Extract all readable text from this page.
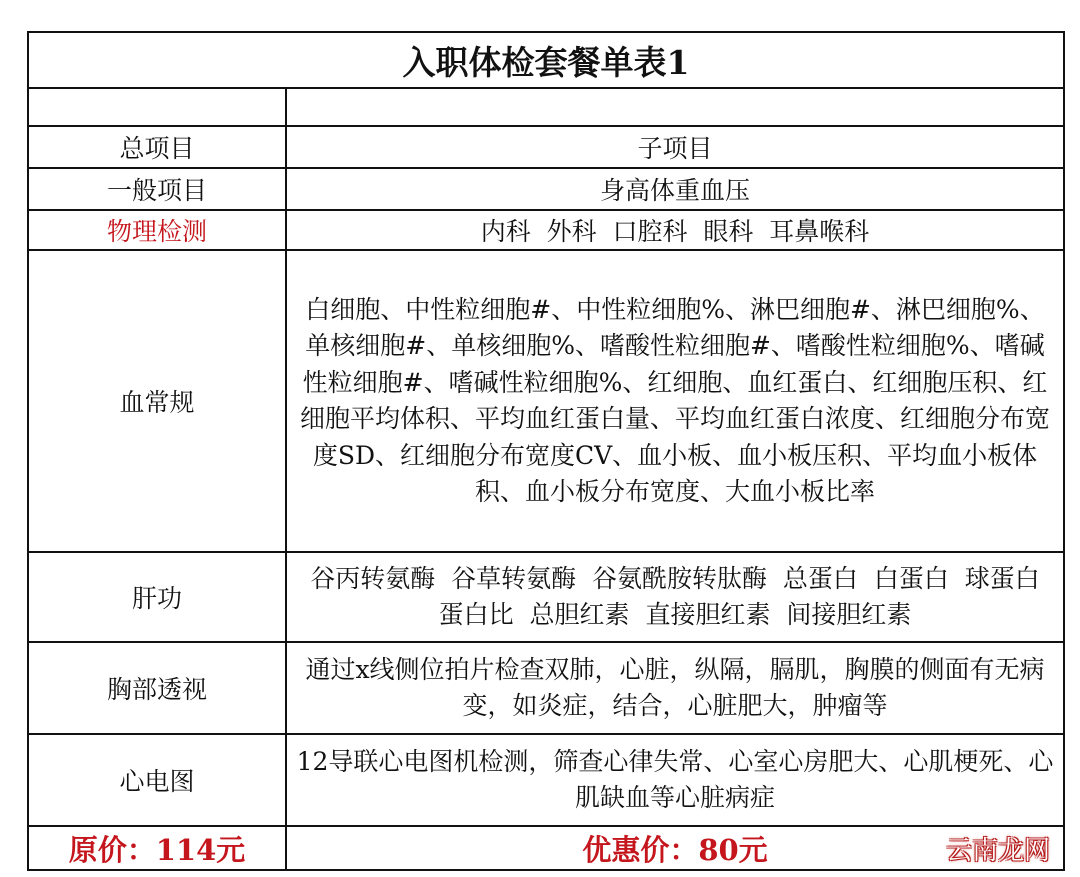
入职体检套餐单表1	

总项目	子项目
一般项目	身高体重血压
物理检测	内科  外科  口腔科  眼科  耳鼻喉科
血常规	白细胞、中性粒细胞#、中性粒细胞%、淋巴细胞#、淋巴细胞%、单核细胞#、单核细胞%、嗜酸性粒细胞#、嗜酸性粒细胞%、嗜碱性粒细胞#、嗜碱性粒细胞%、红细胞、血红蛋白、红细胞压积、红细胞平均体积、平均血红蛋白量、平均血红蛋白浓度、红细胞分布宽度SD、红细胞分布宽度CV、血小板、血小板压积、平均血小板体积、血小板分布宽度、大血小板比率
肝功	谷丙转氨酶  谷草转氨酶  谷氨酰胺转肽酶  总蛋白  白蛋白  球蛋白  蛋白比  总胆红素  直接胆红素  间接胆红素
胸部透视	通过x线侧位拍片检查双肺，心脏，纵隔，膈肌，胸膜的侧面有无病变，如炎症，结合，心脏肥大，肿瘤等
心电图	12导联心电图机检测，筛查心律失常、心室心房肥大、心肌梗死、心肌缺血等心脏病症
原价：114元	优惠价：80元	云南龙网
